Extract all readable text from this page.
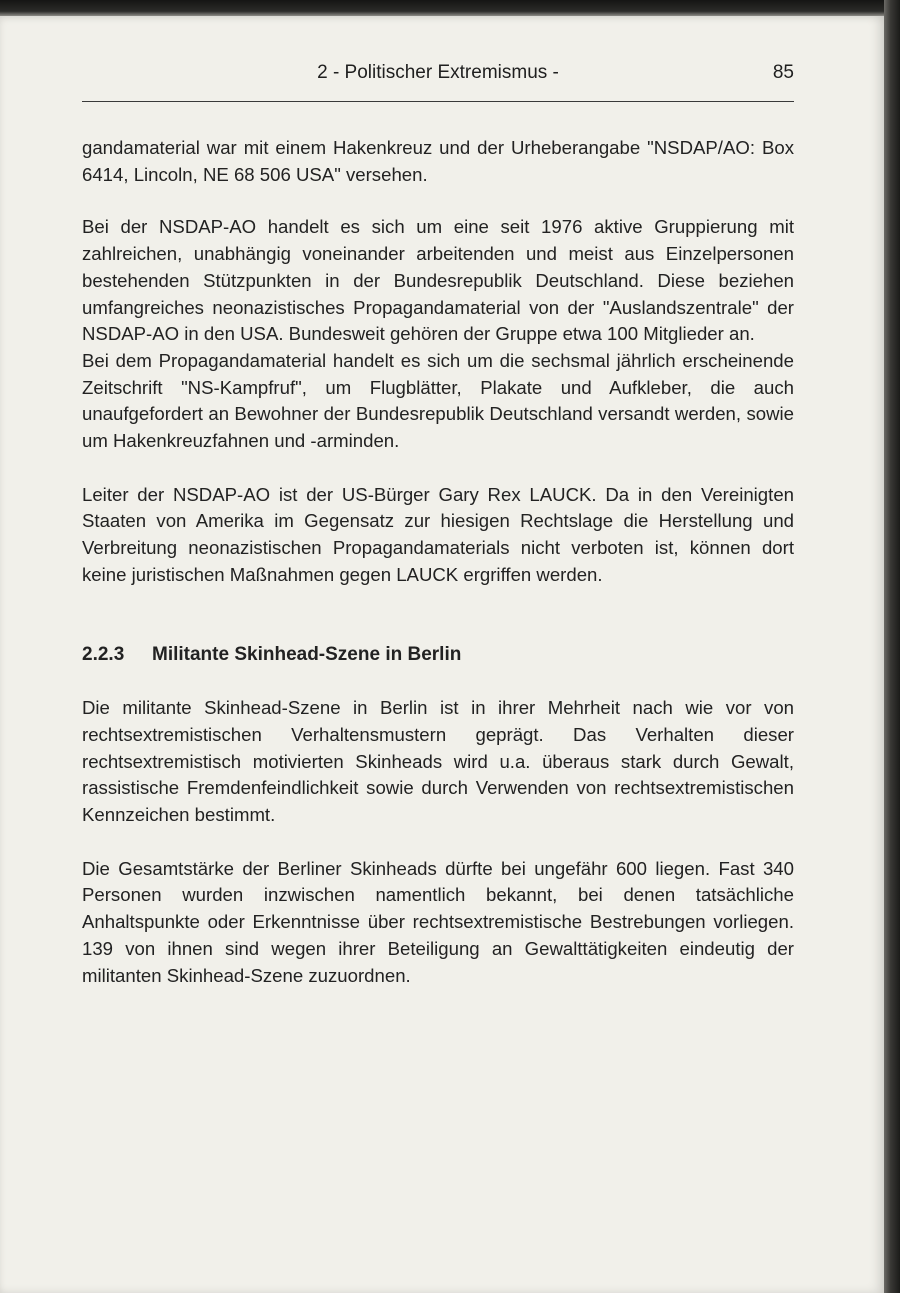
2 - Politischer Extremismus -	85

gandamaterial war mit einem Hakenkreuz und der Urheberangabe "NSDAP/AO: Box 6414, Lincoln, NE 68 506 USA" versehen.

Bei der NSDAP-AO handelt es sich um eine seit 1976 aktive Gruppierung mit zahlreichen, unabhängig voneinander arbeitenden und meist aus Einzelpersonen bestehenden Stützpunkten in der Bundesrepublik Deutschland. Diese beziehen umfangreiches neonazistisches Propagandamaterial von der "Auslandszentrale" der NSDAP-AO in den USA. Bundesweit gehören der Gruppe etwa 100 Mitglieder an.

Bei dem Propagandamaterial handelt es sich um die sechsmal jährlich erscheinende Zeitschrift "NS-Kampfruf", um Flugblätter, Plakate und Aufkleber, die auch unaufgefordert an Bewohner der Bundesrepublik Deutschland versandt werden, sowie um Hakenkreuzfahnen und -arminden.

Leiter der NSDAP-AO ist der US-Bürger Gary Rex LAUCK. Da in den Vereinigten Staaten von Amerika im Gegensatz zur hiesigen Rechtslage die Herstellung und Verbreitung neonazistischen Propagandamaterials nicht verboten ist, können dort keine juristischen Maßnahmen gegen LAUCK ergriffen werden.

2.2.3 Militante Skinhead-Szene in Berlin

Die militante Skinhead-Szene in Berlin ist in ihrer Mehrheit nach wie vor von rechtsextremistischen Verhaltensmustern geprägt. Das Verhalten dieser rechtsextremistisch motivierten Skinheads wird u.a. überaus stark durch Gewalt, rassistische Fremdenfeindlichkeit sowie durch Verwenden von rechtsextremistischen Kennzeichen bestimmt.

Die Gesamtstärke der Berliner Skinheads dürfte bei ungefähr 600 liegen. Fast 340 Personen wurden inzwischen namentlich bekannt, bei denen tatsächliche Anhaltspunkte oder Erkenntnisse über rechtsextremistische Bestrebungen vorliegen. 139 von ihnen sind wegen ihrer Beteiligung an Gewalttätigkeiten eindeutig der militanten Skinhead-Szene zuzuordnen.
